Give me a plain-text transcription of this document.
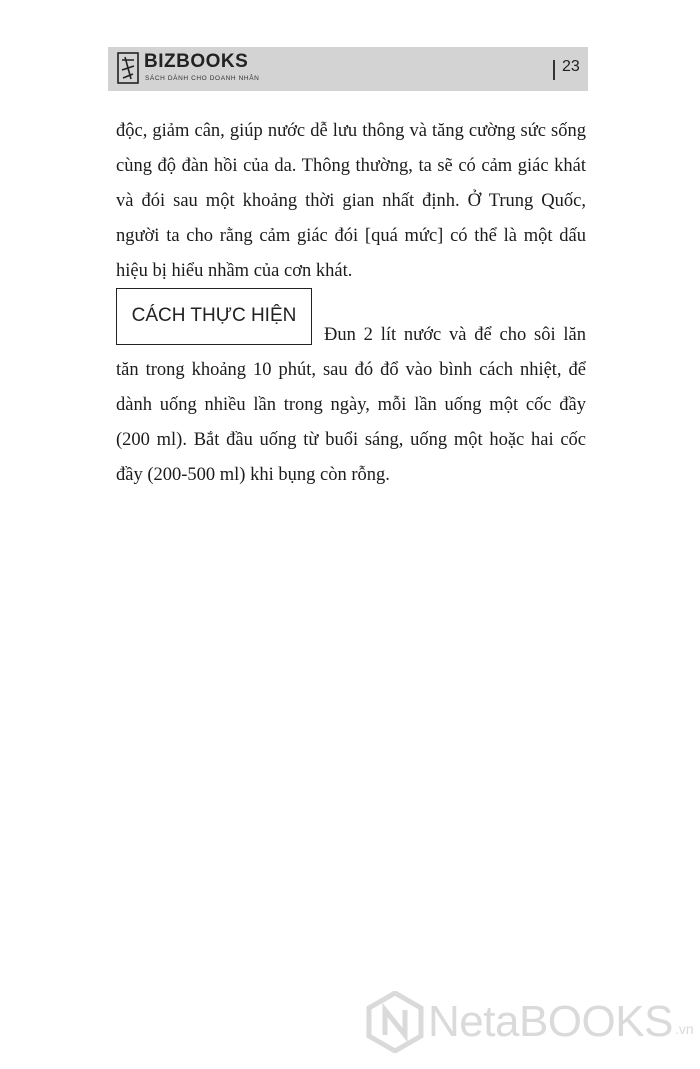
BIZBOOKS
SÁCH DÀNH CHO DOANH NHÂN
23

độc, giảm cân, giúp nước dễ lưu thông và tăng cường sức sống cùng độ đàn hồi của da. Thông thường, ta sẽ có cảm giác khát và đói sau một khoảng thời gian nhất định. Ở Trung Quốc, người ta cho rằng cảm giác đói [quá mức] có thể là một dấu hiệu bị hiểu nhầm của cơn khát.

CÁCH THỰC HIỆN
Đun 2 lít nước và để cho sôi lăn tăn trong khoảng 10 phút, sau đó đổ vào bình cách nhiệt, để dành uống nhiều lần trong ngày, mỗi lần uống một cốc đầy (200 ml). Bắt đầu uống từ buổi sáng, uống một hoặc hai cốc đầy (200-500 ml) khi bụng còn rỗng.
NetaBOOKS .vn
